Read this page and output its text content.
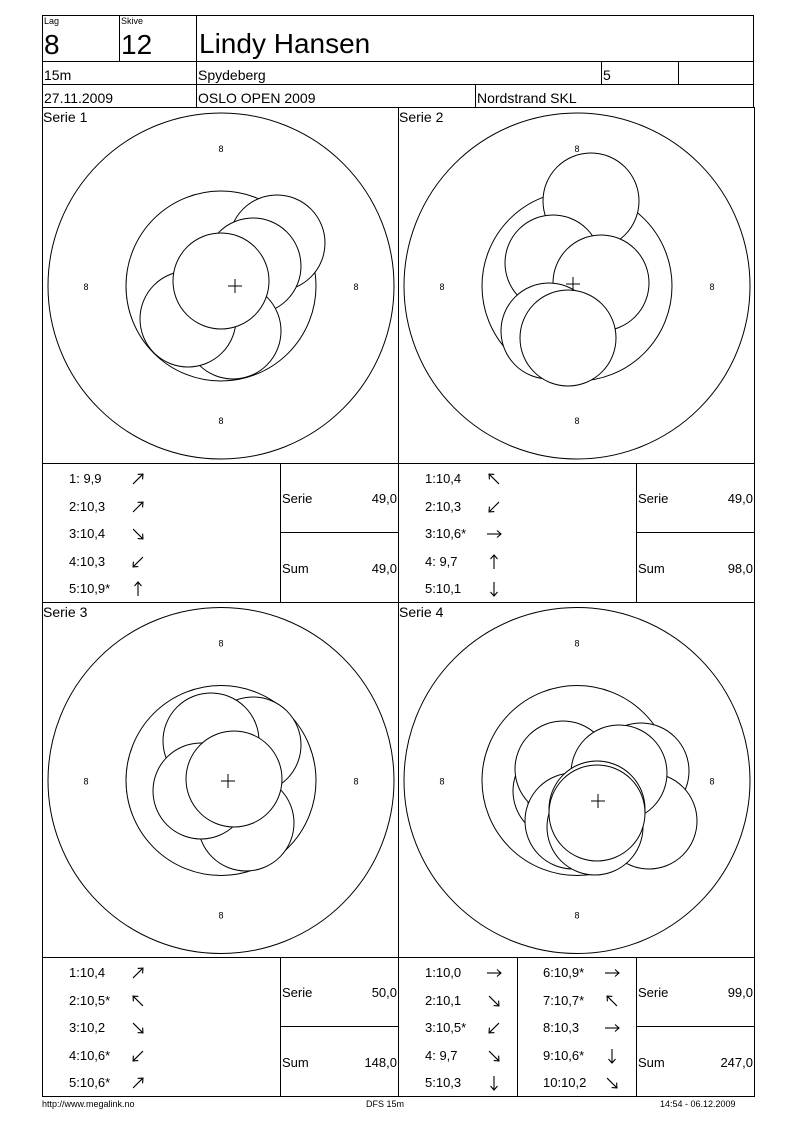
Lag
8
Skive
12 Lindy Hansen
15m	Spydeberg	5
27.11.2009	OSLO OPEN 2009	Nordstrand SKL
Serie 1
8
8
8	8
1: 9,9
2:10,3
3:10,4
4:10,3
5:10,9*
Serie	49,0
Sum	49,0
Serie 2
8
8
8	8
1:10,4
2:10,3
3:10,6*
4: 9,7
5:10,1
Serie	49,0
Sum	98,0
Serie 3
8
8
8	8
1:10,4
2:10,5*
3:10,2
4:10,6*
5:10,6*
Serie	50,0
Sum	148,0
Serie 4
8
8
8	8
1:10,0
2:10,1
3:10,5*
4: 9,7
5:10,3
6:10,9*
7:10,7*
8:10,3
9:10,6*
10:10,2
Serie	99,0
Sum	247,0
http://www.megalink.no	DFS 15m	14:54 - 06.12.2009
